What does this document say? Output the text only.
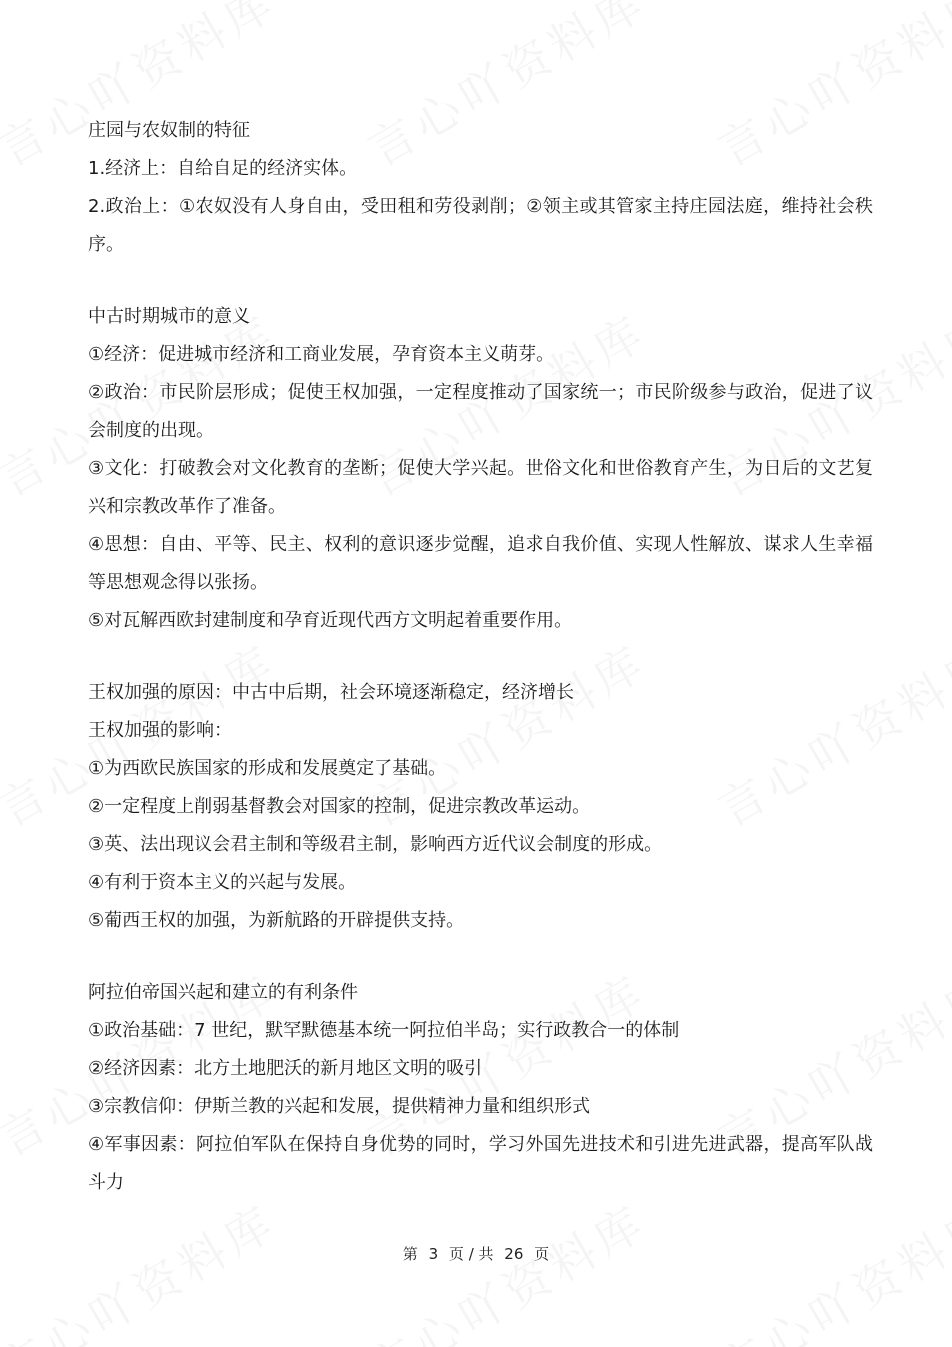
庄园与农奴制的特征

1.经济上：自给自足的经济实体。

2.政治上：①农奴没有人身自由，受田租和劳役剥削；②领主或其管家主持庄园法庭，维持社会秩序。

中古时期城市的意义

①经济：促进城市经济和工商业发展，孕育资本主义萌芽。

②政治：市民阶层形成；促使王权加强，一定程度推动了国家统一；市民阶级参与政治，促进了议会制度的出现。

③文化：打破教会对文化教育的垄断；促使大学兴起。世俗文化和世俗教育产生，为日后的文艺复兴和宗教改革作了准备。

④思想：自由、平等、民主、权利的意识逐步觉醒，追求自我价值、实现人性解放、谋求人生幸福等思想观念得以张扬。

⑤对瓦解西欧封建制度和孕育近现代西方文明起着重要作用。

王权加强的原因：中古中后期，社会环境逐渐稳定，经济增长

王权加强的影响：

①为西欧民族国家的形成和发展奠定了基础。

②一定程度上削弱基督教会对国家的控制，促进宗教改革运动。

③英、法出现议会君主制和等级君主制，影响西方近代议会制度的形成。

④有利于资本主义的兴起与发展。

⑤葡西王权的加强，为新航路的开辟提供支持。

阿拉伯帝国兴起和建立的有利条件

①政治基础：7 世纪，默罕默德基本统一阿拉伯半岛；实行政教合一的体制

②经济因素：北方土地肥沃的新月地区文明的吸引

③宗教信仰：伊斯兰教的兴起和发展，提供精神力量和组织形式

④军事因素：阿拉伯军队在保持自身优势的同时，学习外国先进技术和引进先进武器，提高军队战斗力

第 3 页 / 共 26 页
